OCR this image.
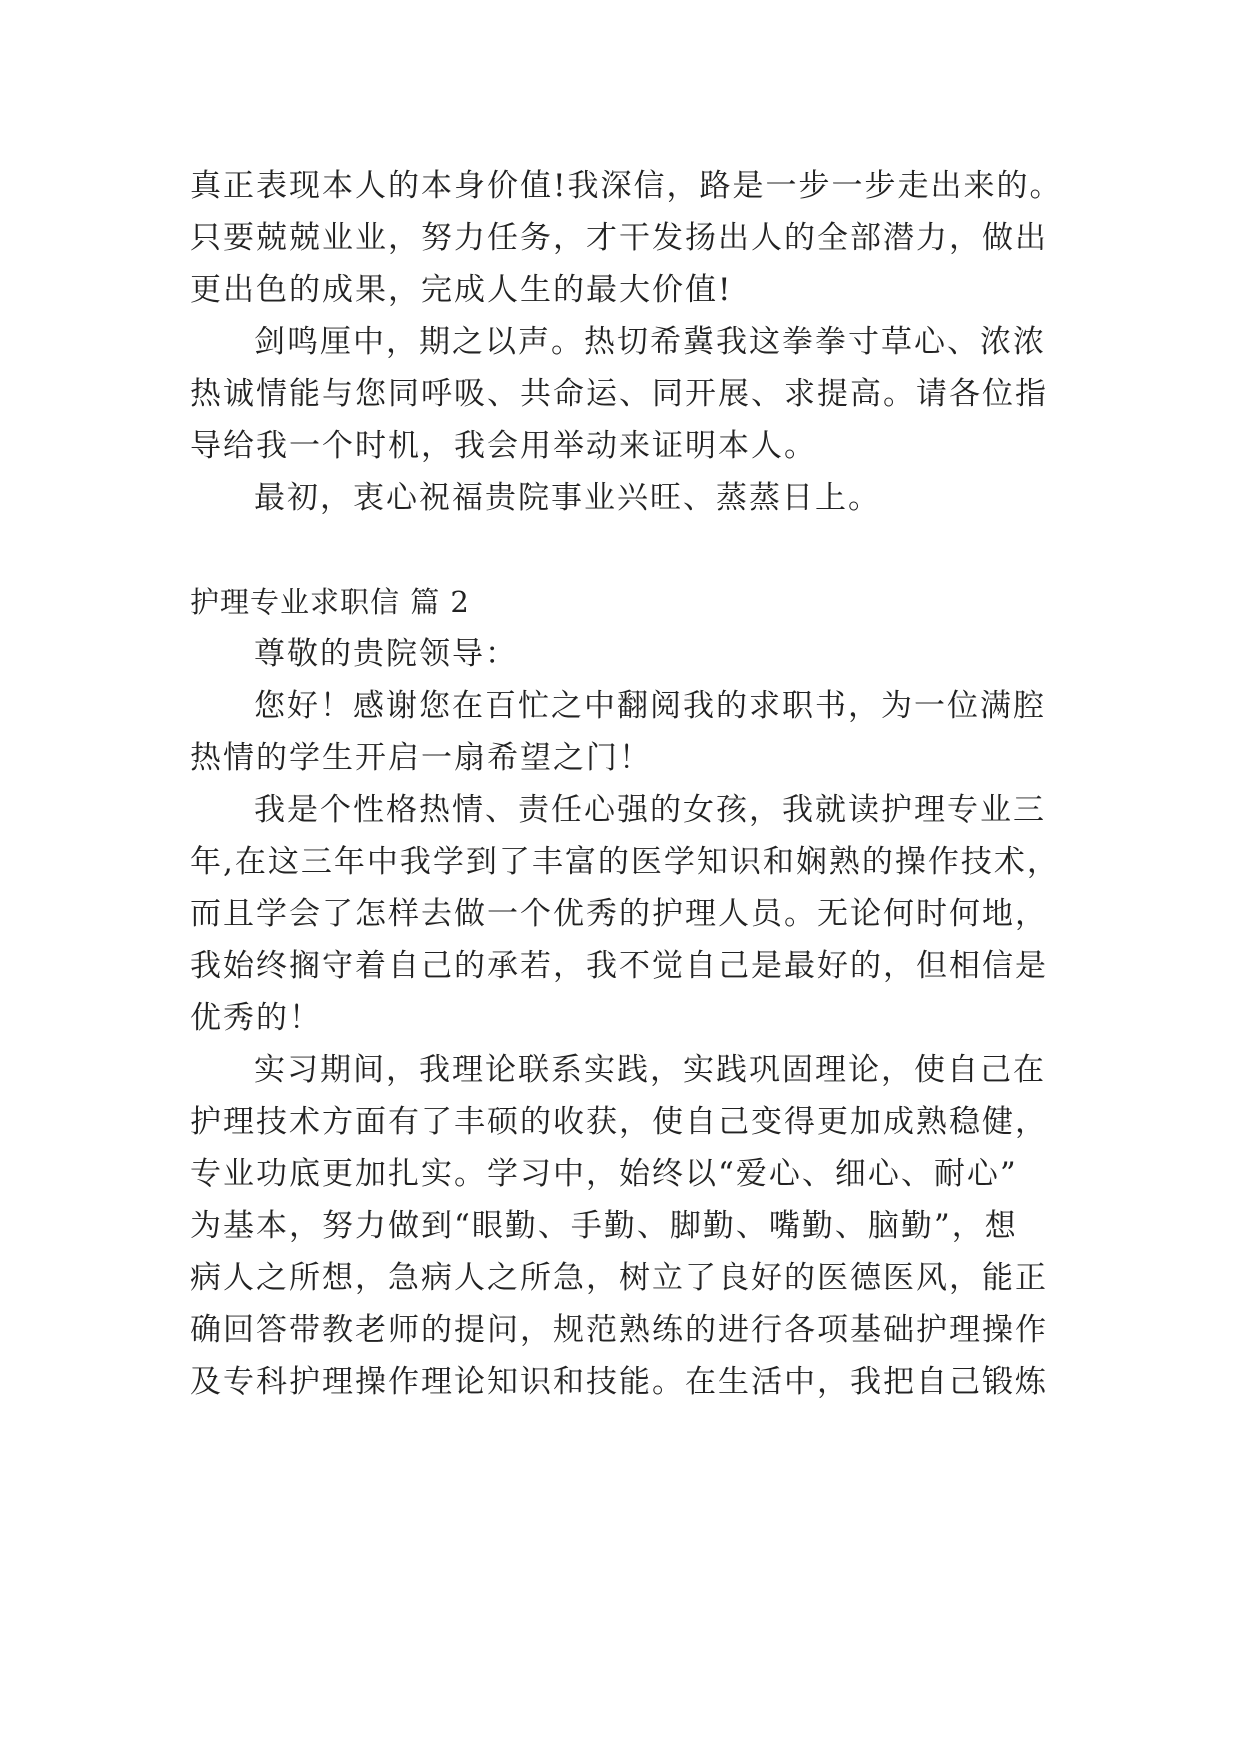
真正表现本人的本身价值!我深信，路是一步一步走出来的。
只要兢兢业业，努力任务，才干发扬出人的全部潜力，做出
更出色的成果，完成人生的最大价值!
剑鸣厘中，期之以声。热切希冀我这拳拳寸草心、浓浓
热诚情能与您同呼吸、共命运、同开展、求提高。请各位指
导给我一个时机，我会用举动来证明本人。
最初，衷心祝福贵院事业兴旺、蒸蒸日上。
护理专业求职信 篇 2
尊敬的贵院领导：
您好！感谢您在百忙之中翻阅我的求职书，为一位满腔
热情的学生开启一扇希望之门！
我是个性格热情、责任心强的女孩，我就读护理专业三
年,在这三年中我学到了丰富的医学知识和娴熟的操作技术，
而且学会了怎样去做一个优秀的护理人员。无论何时何地，
我始终搁守着自己的承若，我不觉自己是最好的，但相信是
优秀的！
实习期间，我理论联系实践，实践巩固理论，使自己在
护理技术方面有了丰硕的收获，使自己变得更加成熟稳健，
专业功底更加扎实。学习中，始终以“爱心、细心、耐心”
为基本，努力做到“眼勤、手勤、脚勤、嘴勤、脑勤”，想
病人之所想，急病人之所急，树立了良好的医德医风，能正
确回答带教老师的提问，规范熟练的进行各项基础护理操作
及专科护理操作理论知识和技能。在生活中，我把自己锻炼
